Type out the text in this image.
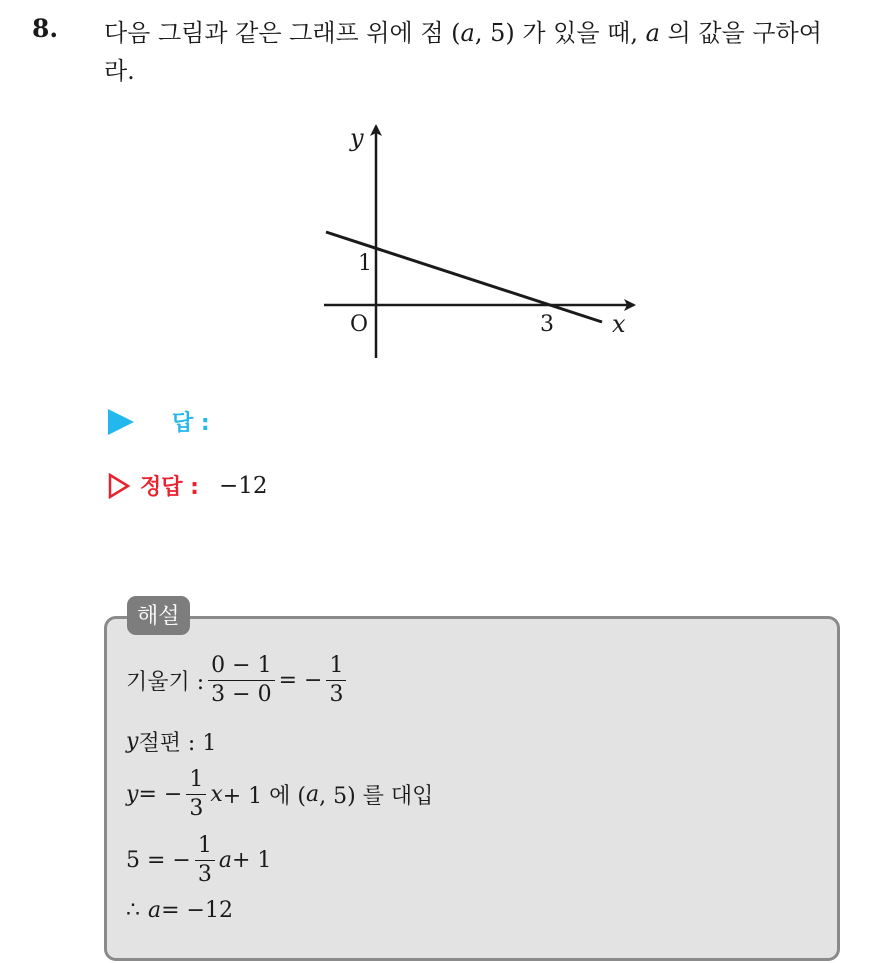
8. 다음 그림과 같은 그래프 위에 점 (a, 5) 가 있을 때, a 의 값을 구하여
라.
y
x
O
1
3
답 :
정답 : −12
해설
기울기 : $\frac{0 - 1}{3 - 0}$ = − $\frac{1}{3}$
y 절편 : 1
y = − $\frac{1}{3}$ x + 1 에 ( a , 5) 를 대입
5 = − $\frac{1}{3}$ a + 1
∴ a = −12
